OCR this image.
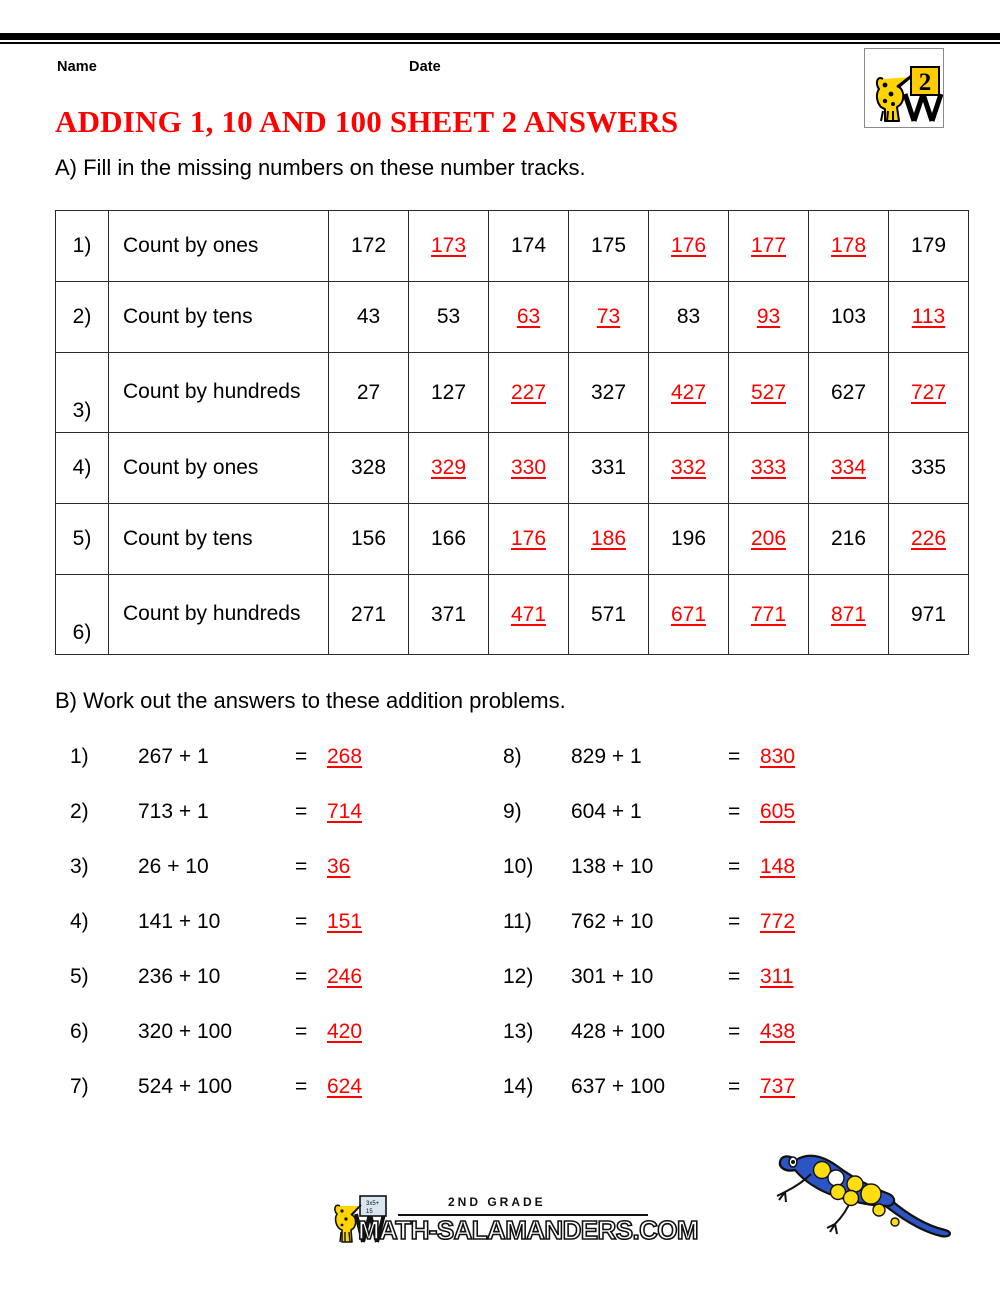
Name	Date
2
ADDING 1, 10 AND 100 SHEET 2 ANSWERS
A) Fill in the missing numbers on these number tracks.
1)	Count by ones	172	173	174	175	176	177	178	179
2)	Count by tens	43	53	63	73	83	93	103	113
3)	Count by hundreds	27	127	227	327	427	527	627	727
4)	Count by ones	328	329	330	331	332	333	334	335
5)	Count by tens	156	166	176	186	196	206	216	226
6)	Count by hundreds	271	371	471	571	671	771	871	971
B) Work out the answers to these addition problems.
1)	267 + 1	= 268
2)	713 + 1	= 714
3)	26 + 10	= 36
4)	141 + 10	= 151
5)	236 + 10	= 246
6)	320 + 100	= 420
7)	524 + 100	= 624
8)	829 + 1	= 830
9)	604 + 1	= 605
10)	138 + 10	= 148
11)	762 + 10	= 772
12)	301 + 10	= 311
13)	428 + 100	= 438
14)	637 + 100	= 737
3x5+
15
2ND GRADE
MATH-SALAMANDERS.COM
